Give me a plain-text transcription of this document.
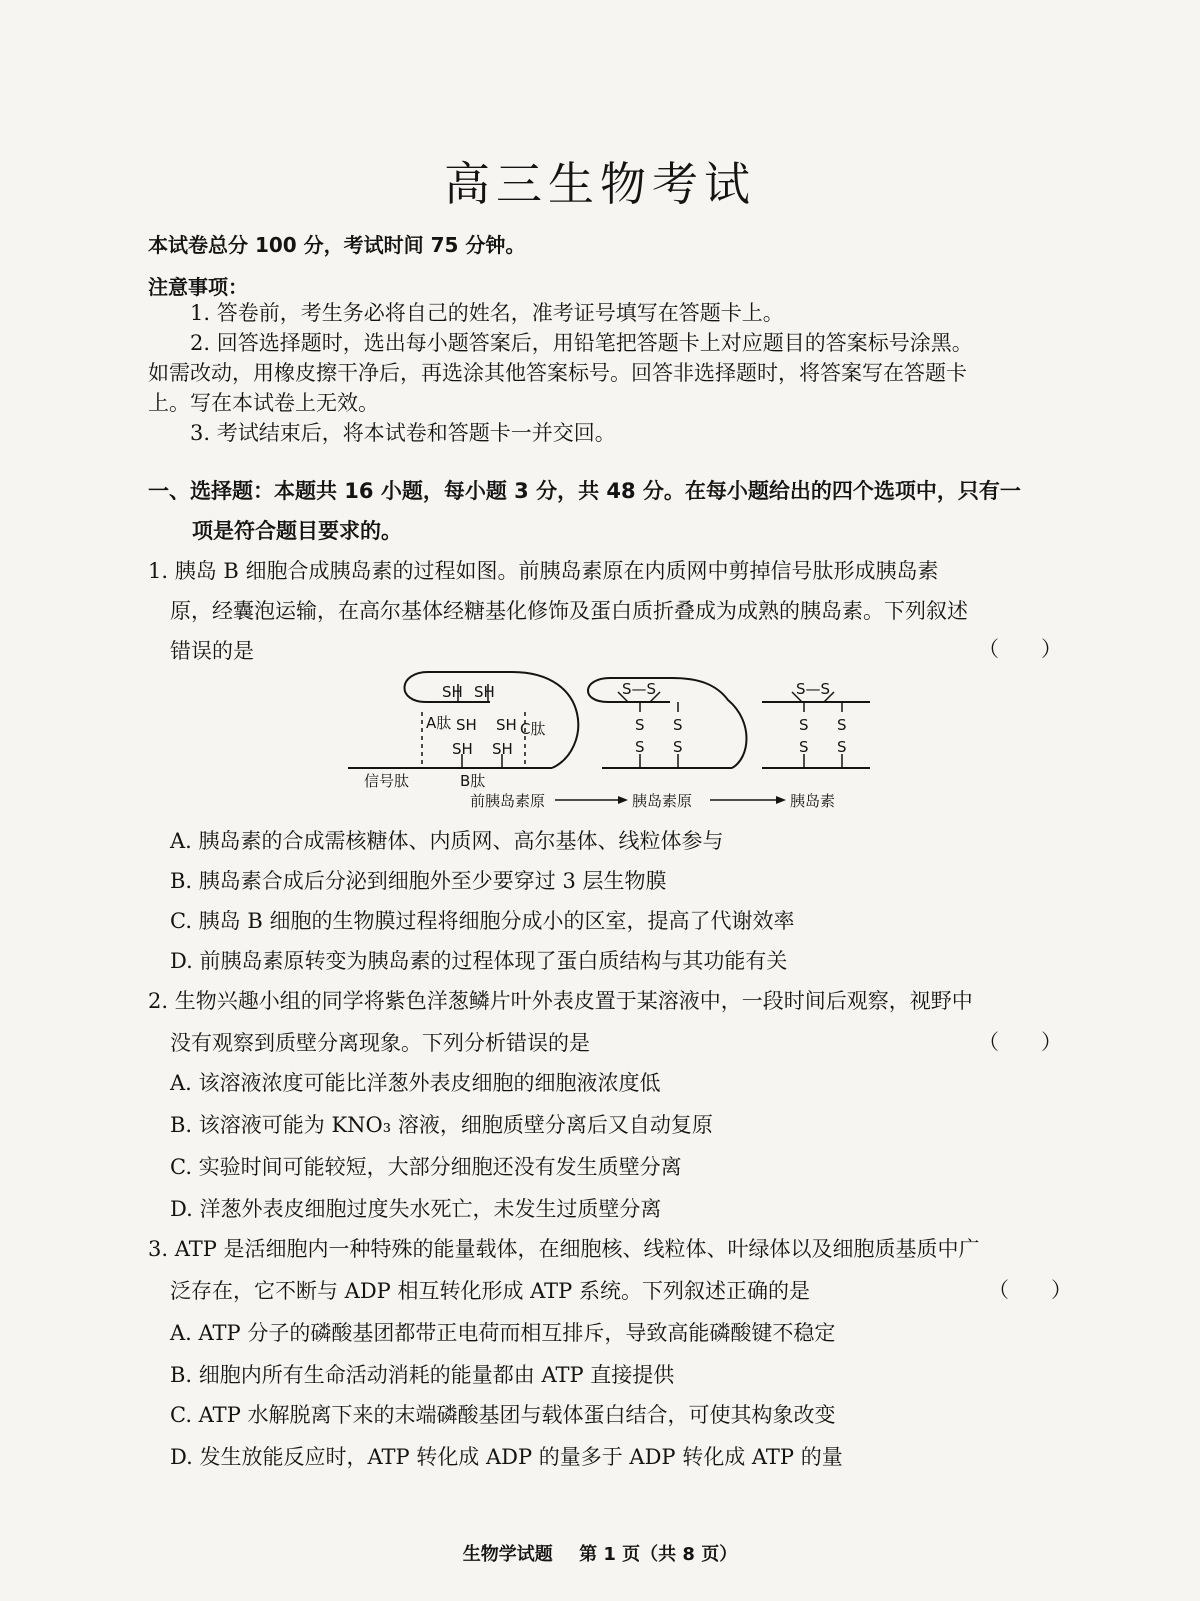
高三生物考试
本试卷总分 100 分，考试时间 75 分钟。
注意事项：
1. 答卷前，考生务必将自己的姓名，准考证号填写在答题卡上。
2. 回答选择题时，选出每小题答案后，用铅笔把答题卡上对应题目的答案标号涂黑。
如需改动，用橡皮擦干净后，再选涂其他答案标号。回答非选择题时，将答案写在答题卡
上。写在本试卷上无效。
3. 考试结束后，将本试卷和答题卡一并交回。
一、选择题：本题共 16 小题，每小题 3 分，共 48 分。在每小题给出的四个选项中，只有一
项是符合题目要求的。
1. 胰岛 B 细胞合成胰岛素的过程如图。前胰岛素原在内质网中剪掉信号肽形成胰岛素
原，经囊泡运输，在高尔基体经糖基化修饰及蛋白质折叠成为成熟的胰岛素。下列叙述
错误的是	（　　）
SH SH
A肽 SH SH C肽
SH SH
信号肽	B肽
S—S
S S
S S
S—S
S S
S S
前胰岛素原	胰岛素原	胰岛素
A. 胰岛素的合成需核糖体、内质网、高尔基体、线粒体参与
B. 胰岛素合成后分泌到细胞外至少要穿过 3 层生物膜
C. 胰岛 B 细胞的生物膜过程将细胞分成小的区室，提高了代谢效率
D. 前胰岛素原转变为胰岛素的过程体现了蛋白质结构与其功能有关
2. 生物兴趣小组的同学将紫色洋葱鳞片叶外表皮置于某溶液中，一段时间后观察，视野中
没有观察到质壁分离现象。下列分析错误的是	（　　）
A. 该溶液浓度可能比洋葱外表皮细胞的细胞液浓度低
B. 该溶液可能为 KNO₃ 溶液，细胞质壁分离后又自动复原
C. 实验时间可能较短，大部分细胞还没有发生质壁分离
D. 洋葱外表皮细胞过度失水死亡，未发生过质壁分离
3. ATP 是活细胞内一种特殊的能量载体，在细胞核、线粒体、叶绿体以及细胞质基质中广
泛存在，它不断与 ADP 相互转化形成 ATP 系统。下列叙述正确的是	（　　）
A. ATP 分子的磷酸基团都带正电荷而相互排斥，导致高能磷酸键不稳定
B. 细胞内所有生命活动消耗的能量都由 ATP 直接提供
C. ATP 水解脱离下来的末端磷酸基团与载体蛋白结合，可使其构象改变
D. 发生放能反应时，ATP 转化成 ADP 的量多于 ADP 转化成 ATP 的量
生物学试题 第 1 页（共 8 页）
